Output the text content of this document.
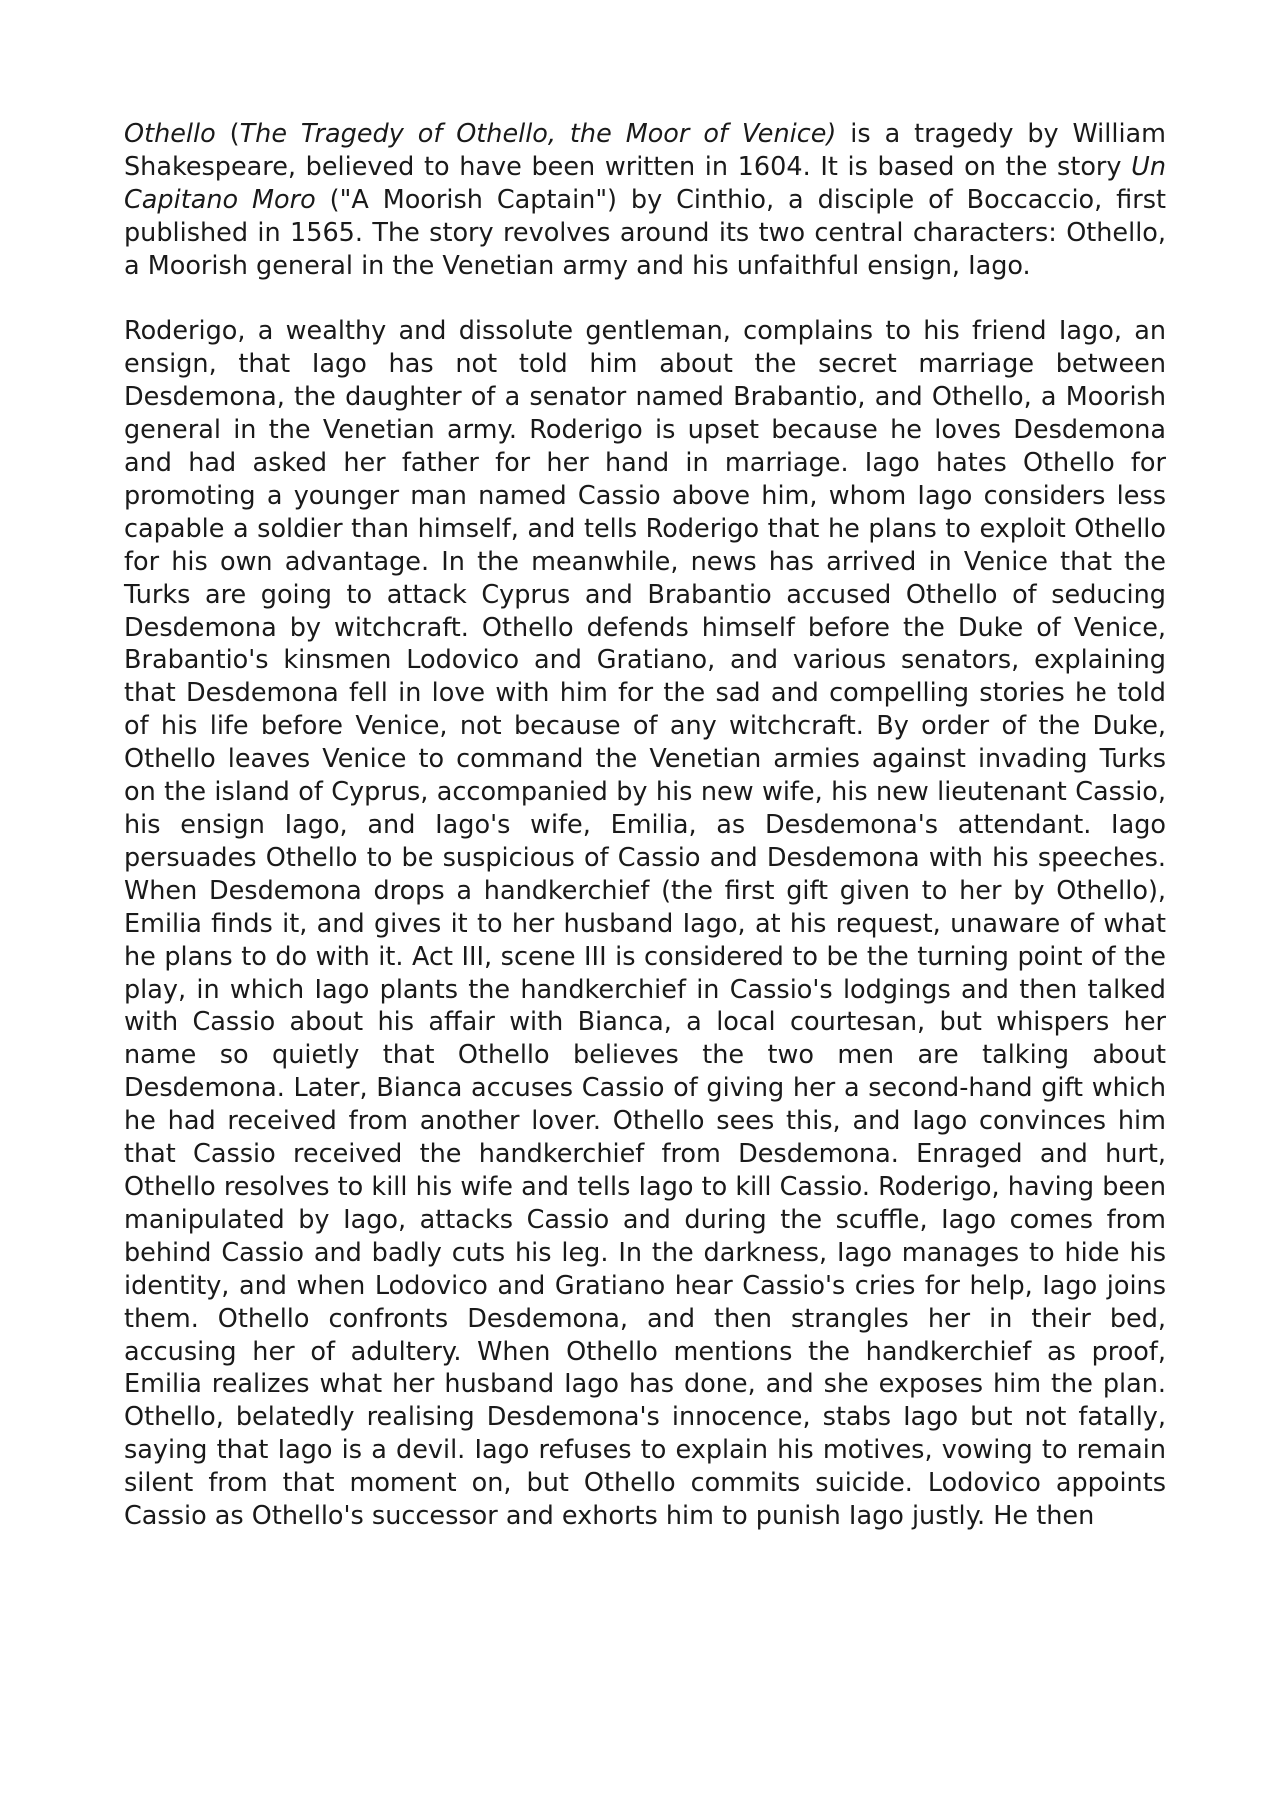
Othello (The Tragedy of Othello, the Moor of Venice) is a tragedy by William Shakespeare, believed to have been written in 1604. It is based on the story Un Capitano Moro ("A Moorish Captain") by Cinthio, a disciple of Boccaccio, first published in 1565. The story revolves around its two central characters: Othello, a Moorish general in the Venetian army and his unfaithful ensign, Iago.

Roderigo, a wealthy and dissolute gentleman, complains to his friend Iago, an ensign, that Iago has not told him about the secret marriage between Desdemona, the daughter of a senator named Brabantio, and Othello, a Moorish general in the Venetian army. Roderigo is upset because he loves Desdemona and had asked her father for her hand in marriage. Iago hates Othello for promoting a younger man named Cassio above him, whom Iago considers less capable a soldier than himself, and tells Roderigo that he plans to exploit Othello for his own advantage. In the meanwhile, news has arrived in Venice that the Turks are going to attack Cyprus and Brabantio accused Othello of seducing Desdemona by witchcraft. Othello defends himself before the Duke of Venice, Brabantio's kinsmen Lodovico and Gratiano, and various senators, explaining that Desdemona fell in love with him for the sad and compelling stories he told of his life before Venice, not because of any witchcraft. By order of the Duke, Othello leaves Venice to command the Venetian armies against invading Turks on the island of Cyprus, accompanied by his new wife, his new lieutenant Cassio, his ensign Iago, and Iago's wife, Emilia, as Desdemona's attendant. Iago persuades Othello to be suspicious of Cassio and Desdemona with his speeches. When Desdemona drops a handkerchief (the first gift given to her by Othello), Emilia finds it, and gives it to her husband Iago, at his request, unaware of what he plans to do with it. Act III, scene III is considered to be the turning point of the play, in which Iago plants the handkerchief in Cassio's lodgings and then talked with Cassio about his affair with Bianca, a local courtesan, but whispers her name so quietly that Othello believes the two men are talking about Desdemona. Later, Bianca accuses Cassio of giving her a second-hand gift which he had received from another lover. Othello sees this, and Iago convinces him that Cassio received the handkerchief from Desdemona. Enraged and hurt, Othello resolves to kill his wife and tells Iago to kill Cassio. Roderigo, having been manipulated by Iago, attacks Cassio and during the scuffle, Iago comes from behind Cassio and badly cuts his leg. In the darkness, Iago manages to hide his identity, and when Lodovico and Gratiano hear Cassio's cries for help, Iago joins them. Othello confronts Desdemona, and then strangles her in their bed, accusing her of adultery. When Othello mentions the handkerchief as proof, Emilia realizes what her husband Iago has done, and she exposes him the plan. Othello, belatedly realising Desdemona's innocence, stabs Iago but not fatally, saying that Iago is a devil. Iago refuses to explain his motives, vowing to remain silent from that moment on, but Othello commits suicide. Lodovico appoints Cassio as Othello's successor and exhorts him to punish Iago justly. He then
